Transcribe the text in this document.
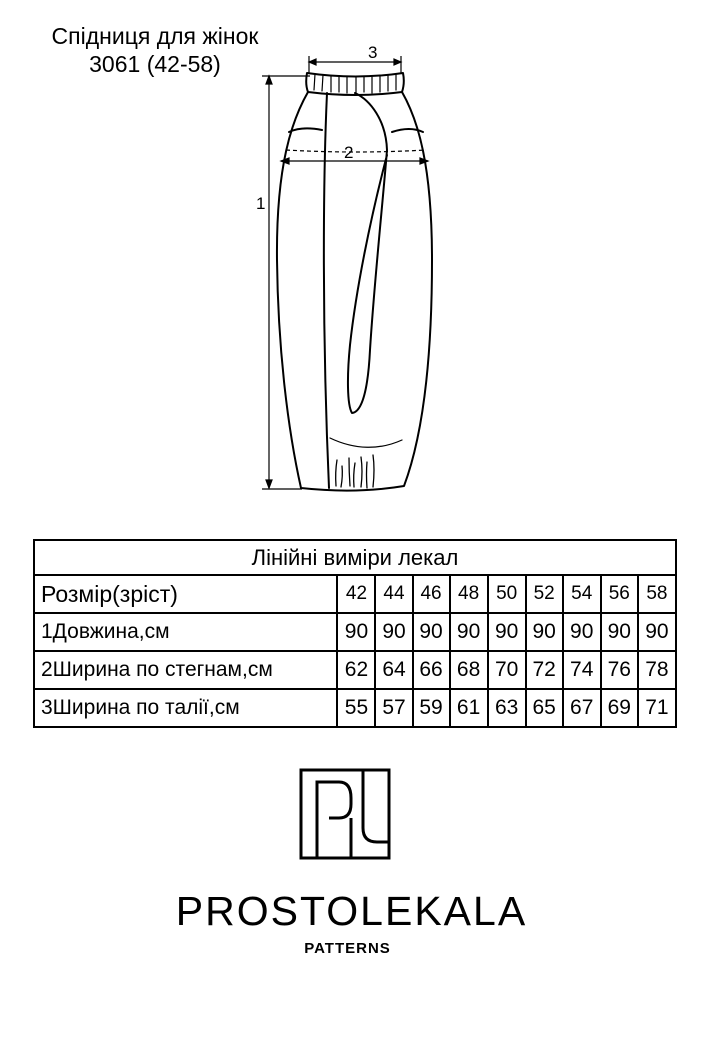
Спідниця для жінок
3061 (42-58)	3
2
1
Лінійні виміри лекал									
Розмір(зріст)	42	44	46	48	50	52	54	56	58
1Довжина,см	90	90	90	90	90	90	90	90	90
2Ширина по стегнам,см	62	64	66	68	70	72	74	76	78
3Ширина по талії,см	55	57	59	61	63	65	67	69	71
PROSTOLEKALA
PATTERNS
